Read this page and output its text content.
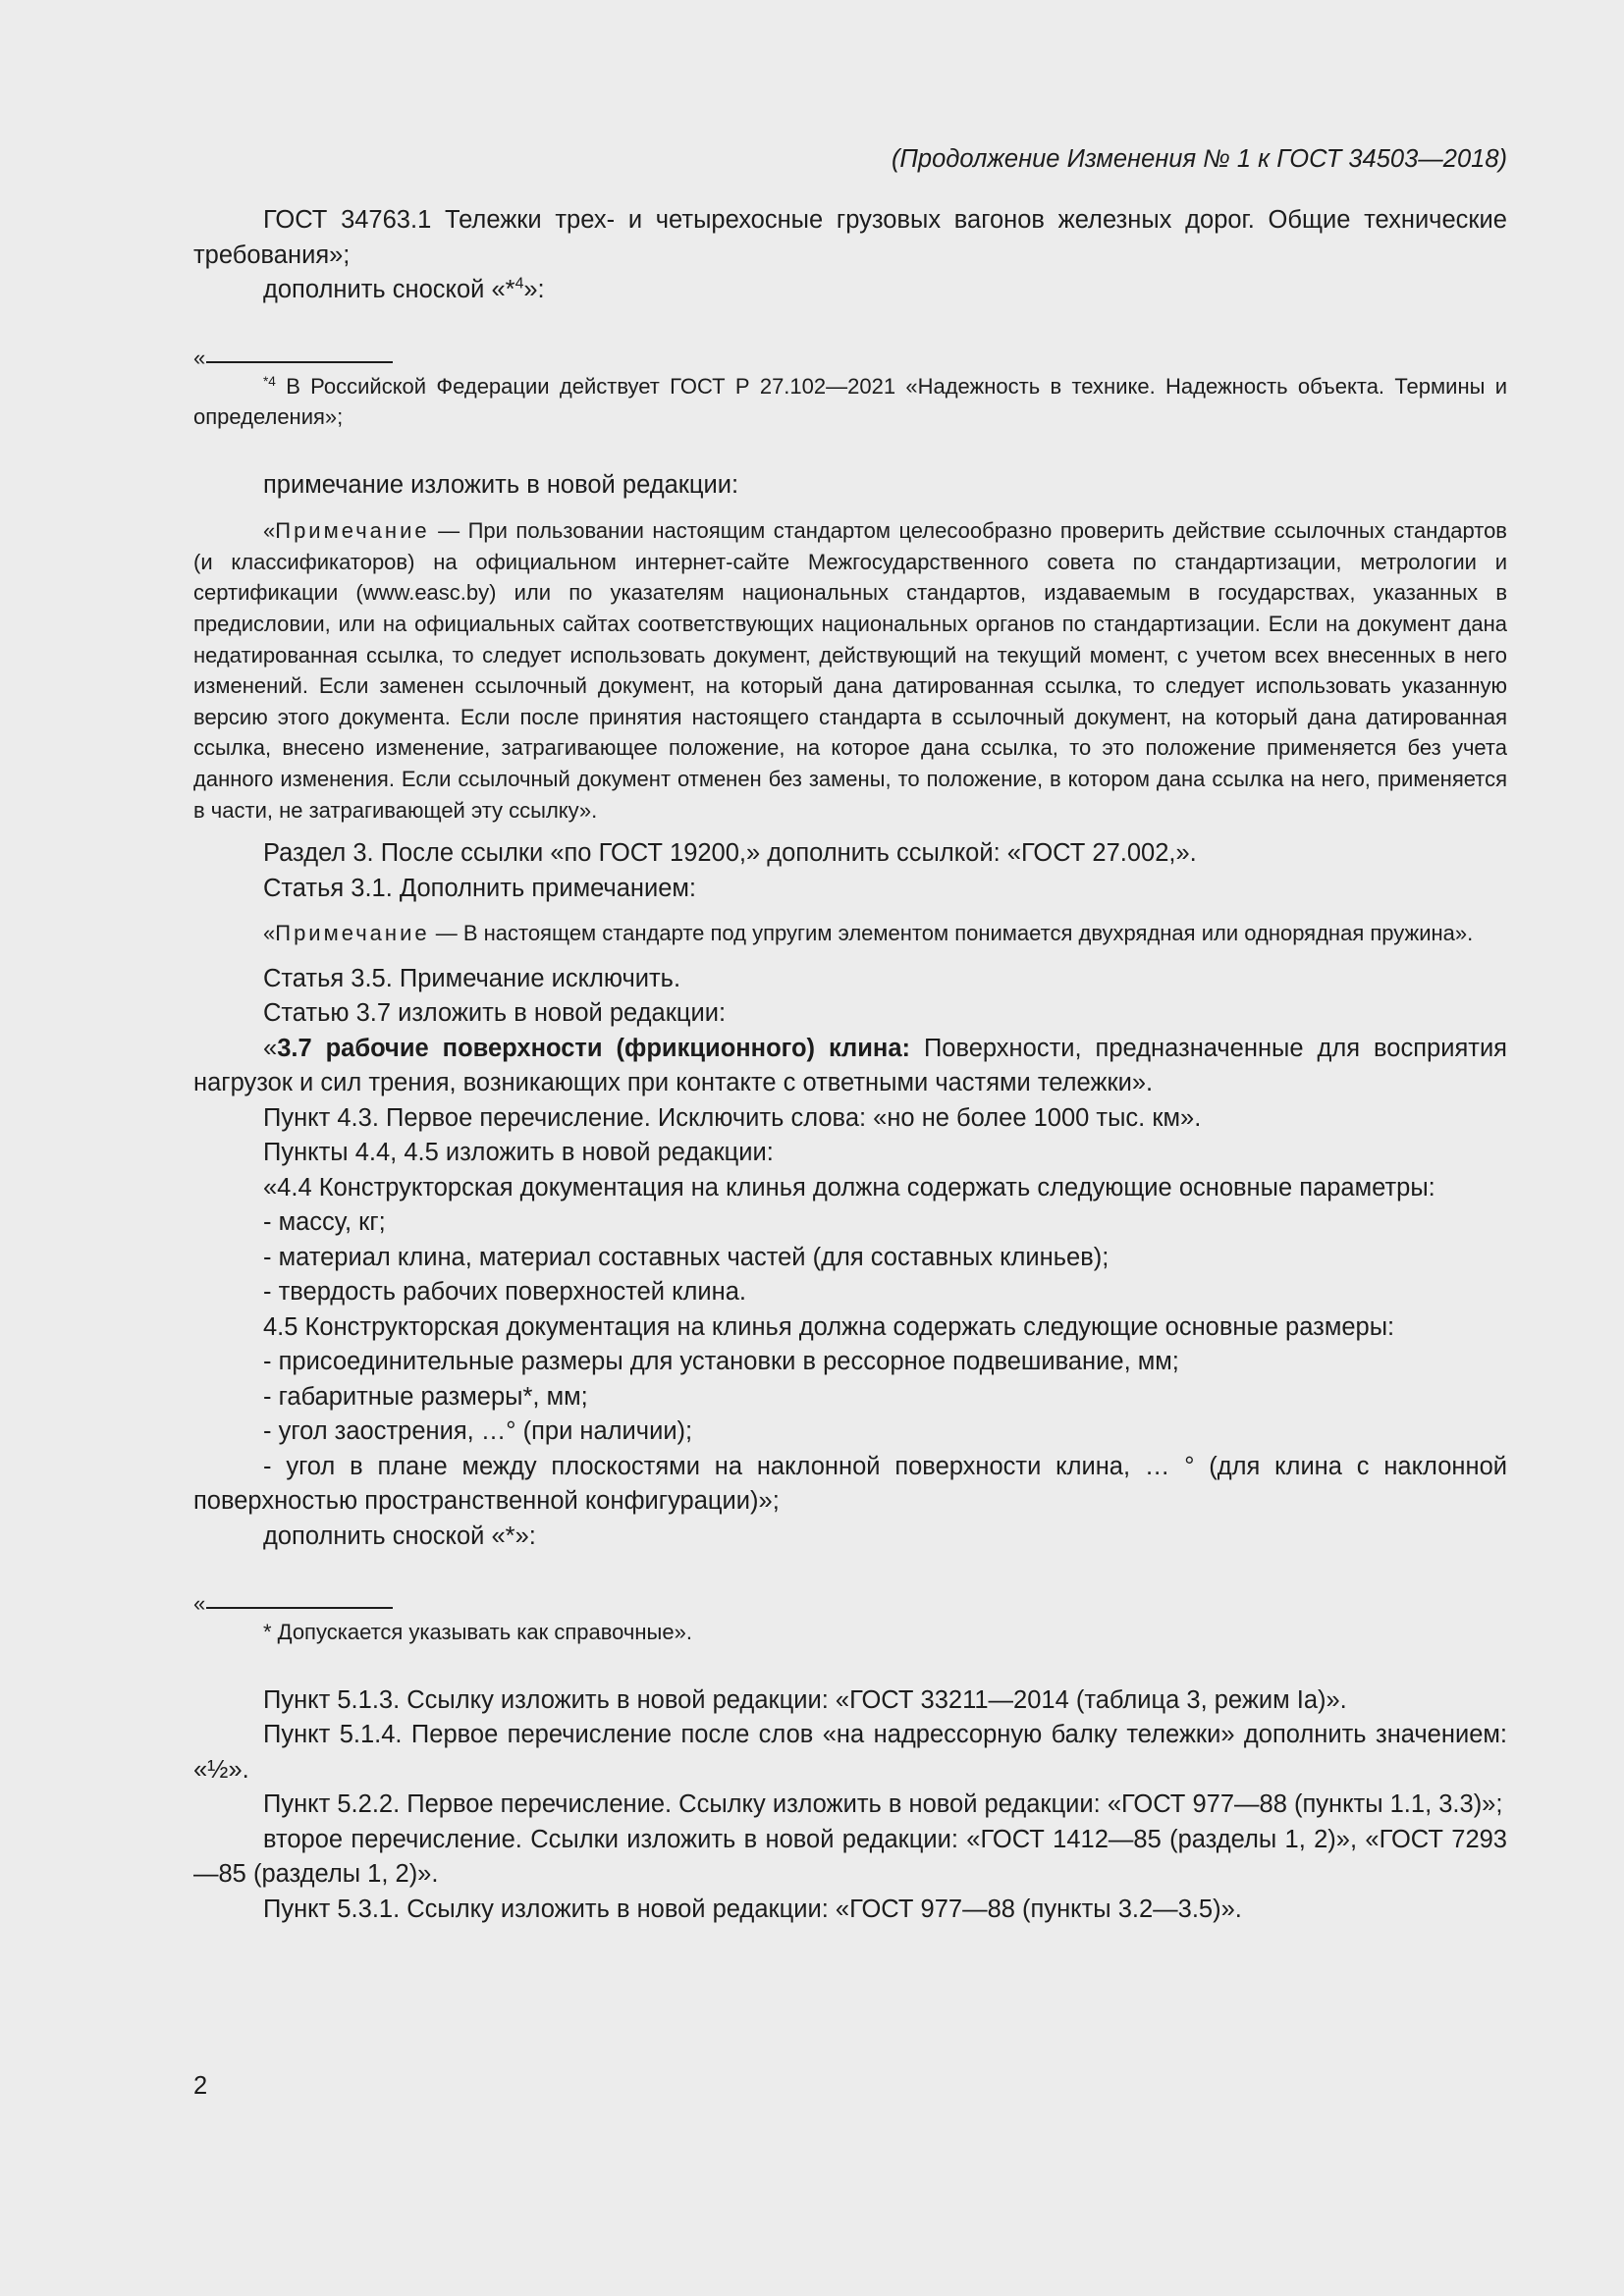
(Продолжение Изменения № 1 к ГОСТ 34503—2018)

ГОСТ 34763.1 Тележки трех- и четырехосные грузовых вагонов железных дорог. Общие технические требования»;

дополнить сноской «*$^4$»:

«

$^{*4}$ В Российской Федерации действует ГОСТ Р 27.102—2021 «Надежность в технике. Надежность объекта. Термины и определения»;

примечание изложить в новой редакции:

«Примечание — При пользовании настоящим стандартом целесообразно проверить действие ссылочных стандартов (и классификаторов) на официальном интернет-сайте Межгосударственного совета по стандартизации, метрологии и сертификации (www.easc.by) или по указателям национальных стандартов, издаваемым в государствах, указанных в предисловии, или на официальных сайтах соответствующих национальных органов по стандартизации. Если на документ дана недатированная ссылка, то следует использовать документ, действующий на текущий момент, с учетом всех внесенных в него изменений. Если заменен ссылочный документ, на который дана датированная ссылка, то следует использовать указанную версию этого документа. Если после принятия настоящего стандарта в ссылочный документ, на который дана датированная ссылка, внесено изменение, затрагивающее положение, на которое дана ссылка, то это положение применяется без учета данного изменения. Если ссылочный документ отменен без замены, то положение, в котором дана ссылка на него, применяется в части, не затрагивающей эту ссылку».

Раздел 3. После ссылки «по ГОСТ 19200,» дополнить ссылкой: «ГОСТ 27.002,».

Статья 3.1. Дополнить примечанием:

«Примечание — В настоящем стандарте под упругим элементом понимается двухрядная или однорядная пружина».

Статья 3.5. Примечание исключить.

Статью 3.7 изложить в новой редакции:

«3.7 рабочие поверхности (фрикционного) клина: Поверхности, предназначенные для восприятия нагрузок и сил трения, возникающих при контакте с ответными частями тележки».

Пункт 4.3. Первое перечисление. Исключить слова: «но не более 1000 тыс. км».

Пункты 4.4, 4.5 изложить в новой редакции:

«4.4 Конструкторская документация на клинья должна содержать следующие основные параметры:

- массу, кг;

- материал клина, материал составных частей (для составных клиньев);

- твердость рабочих поверхностей клина.

4.5 Конструкторская документация на клинья должна содержать следующие основные размеры:

- присоединительные размеры для установки в рессорное подвешивание, мм;

- габаритные размеры*, мм;

- угол заострения, …° (при наличии);

- угол в плане между плоскостями на наклонной поверхности клина, … ° (для клина с наклонной поверхностью пространственной конфигурации)»;

дополнить сноской «*»:

«

* Допускается указывать как справочные».

Пункт 5.1.3. Ссылку изложить в новой редакции: «ГОСТ 33211—2014 (таблица 3, режим Iа)».

Пункт 5.1.4. Первое перечисление после слов «на надрессорную балку тележки» дополнить значением: «½».

Пункт 5.2.2. Первое перечисление. Ссылку изложить в новой редакции: «ГОСТ 977—88 (пункты 1.1, 3.3)»;

второе перечисление. Ссылки изложить в новой редакции: «ГОСТ 1412—85 (разделы 1, 2)», «ГОСТ 7293—85 (разделы 1, 2)».

Пункт 5.3.1. Ссылку изложить в новой редакции: «ГОСТ 977—88 (пункты 3.2—3.5)».

2
